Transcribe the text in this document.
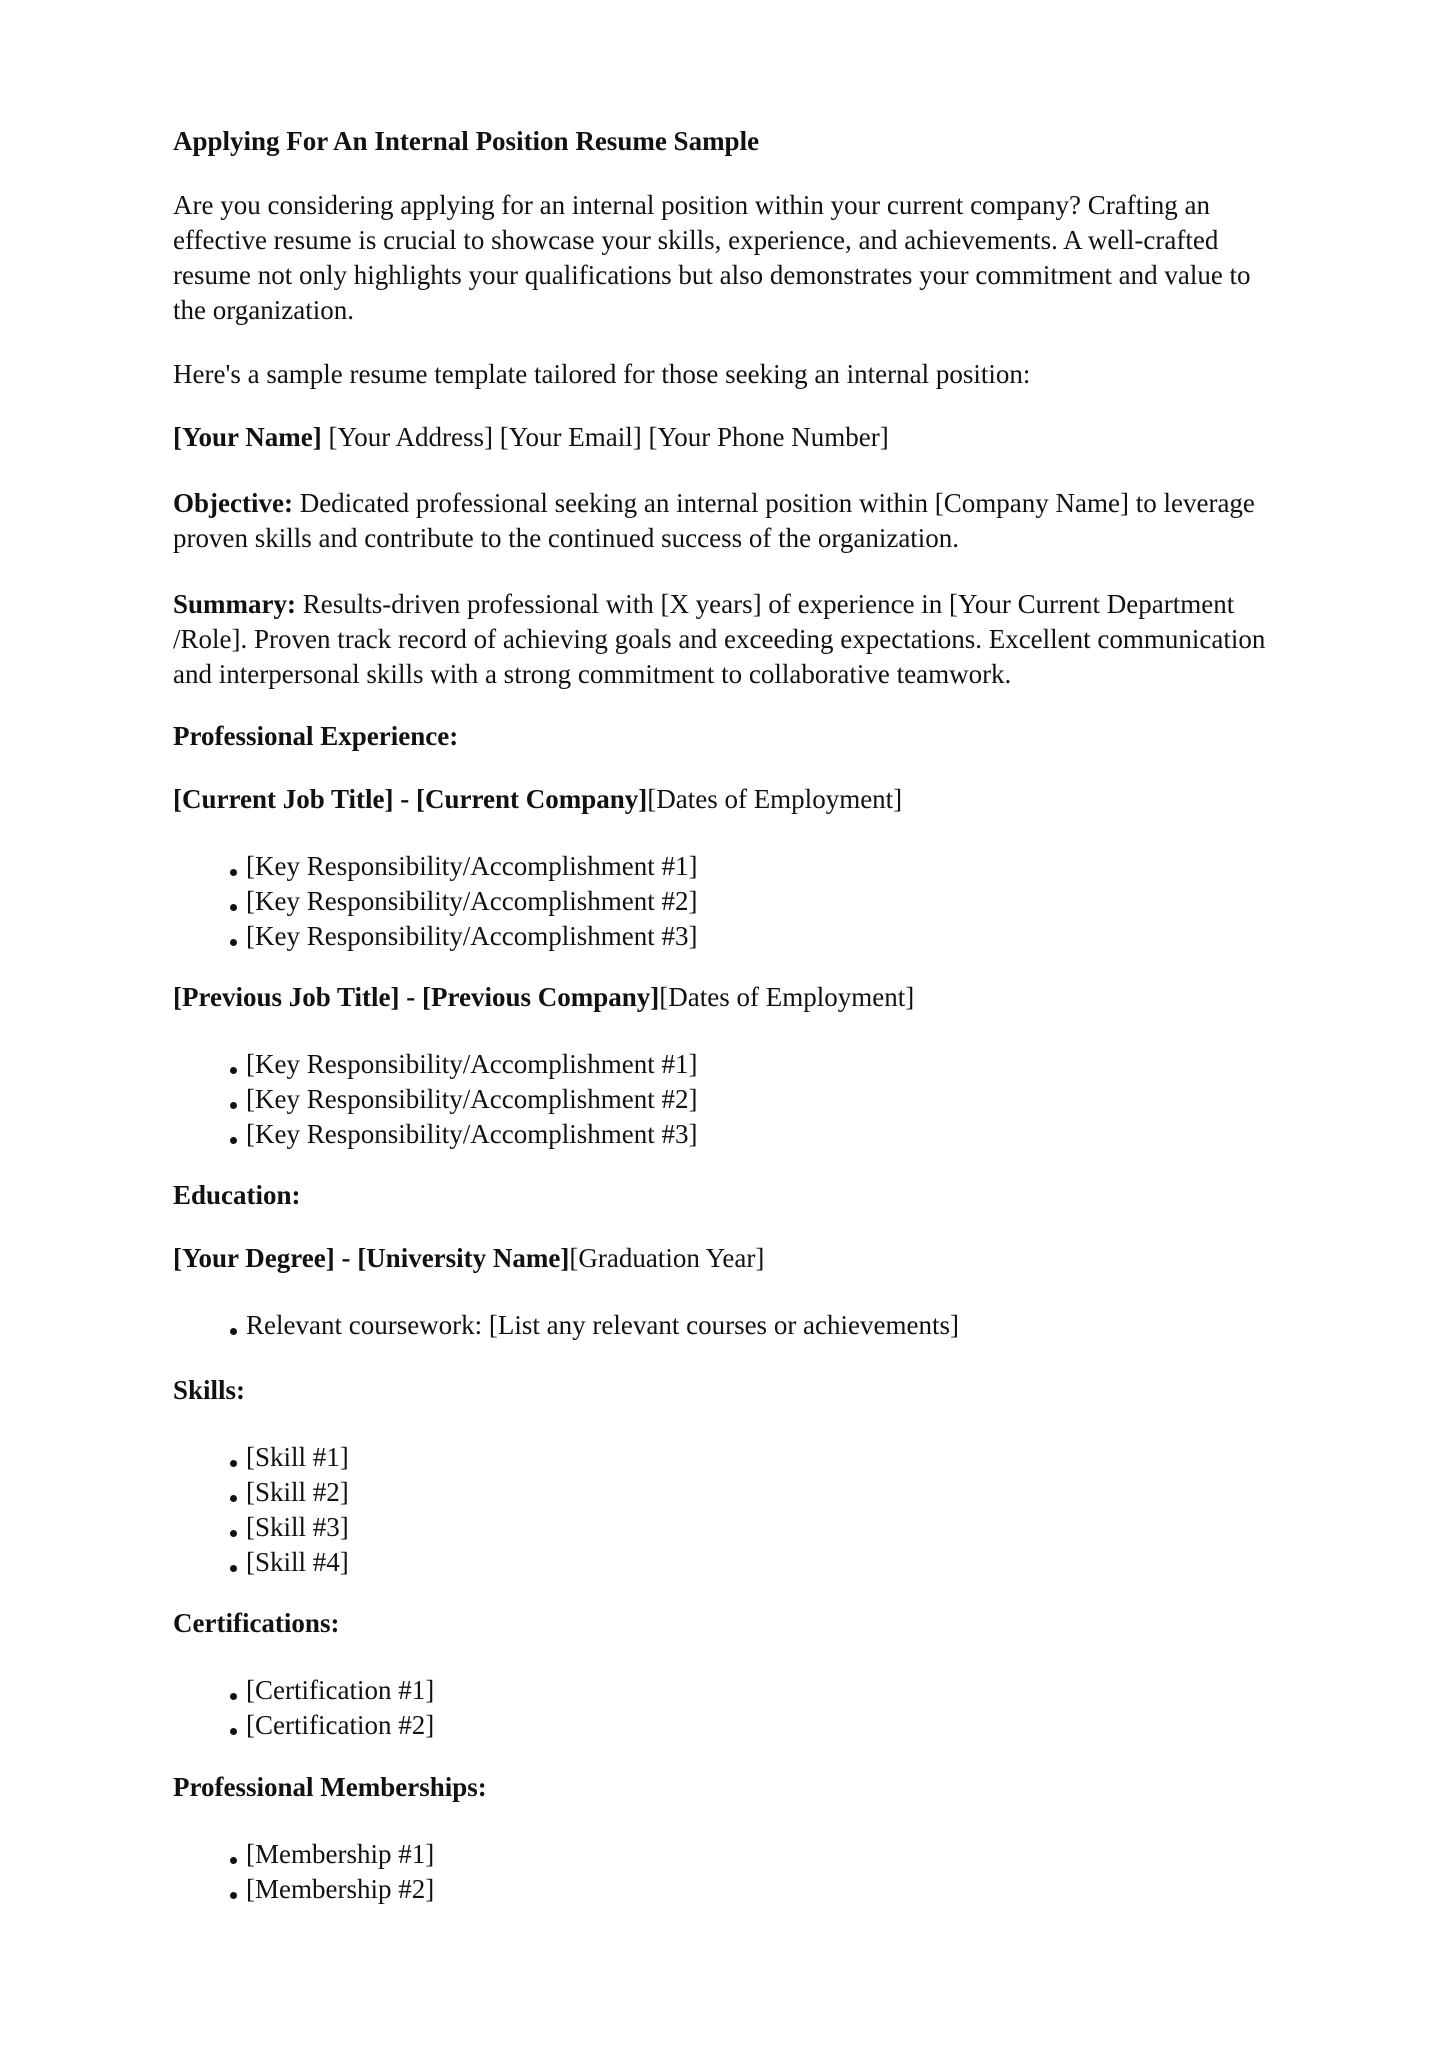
Applying For An Internal Position Resume Sample

Are you considering applying for an internal position within your current company? Crafting an
effective resume is crucial to showcase your skills, experience, and achievements. A well-crafted
resume not only highlights your qualifications but also demonstrates your commitment and value to
the organization.

Here's a sample resume template tailored for those seeking an internal position:

[Your Name] [Your Address] [Your Email] [Your Phone Number]

Objective: Dedicated professional seeking an internal position within [Company Name] to leverage
proven skills and contribute to the continued success of the organization.

Summary: Results-driven professional with [X years] of experience in [Your Current Department
/Role]. Proven track record of achieving goals and exceeding expectations. Excellent communication
and interpersonal skills with a strong commitment to collaborative teamwork.

Professional Experience:

[Current Job Title] - [Current Company][Dates of Employment]

[Key Responsibility/Accomplishment #1]
[Key Responsibility/Accomplishment #2]
[Key Responsibility/Accomplishment #3]

[Previous Job Title] - [Previous Company][Dates of Employment]

[Key Responsibility/Accomplishment #1]
[Key Responsibility/Accomplishment #2]
[Key Responsibility/Accomplishment #3]
Education:

[Your Degree] - [University Name][Graduation Year]

Relevant coursework: [List any relevant courses or achievements]
Skills:
[Skill #1]
[Skill #2]
[Skill #3]
[Skill #4]
Certifications:
[Certification #1]
[Certification #2]
Professional Memberships:
[Membership #1]
[Membership #2]
